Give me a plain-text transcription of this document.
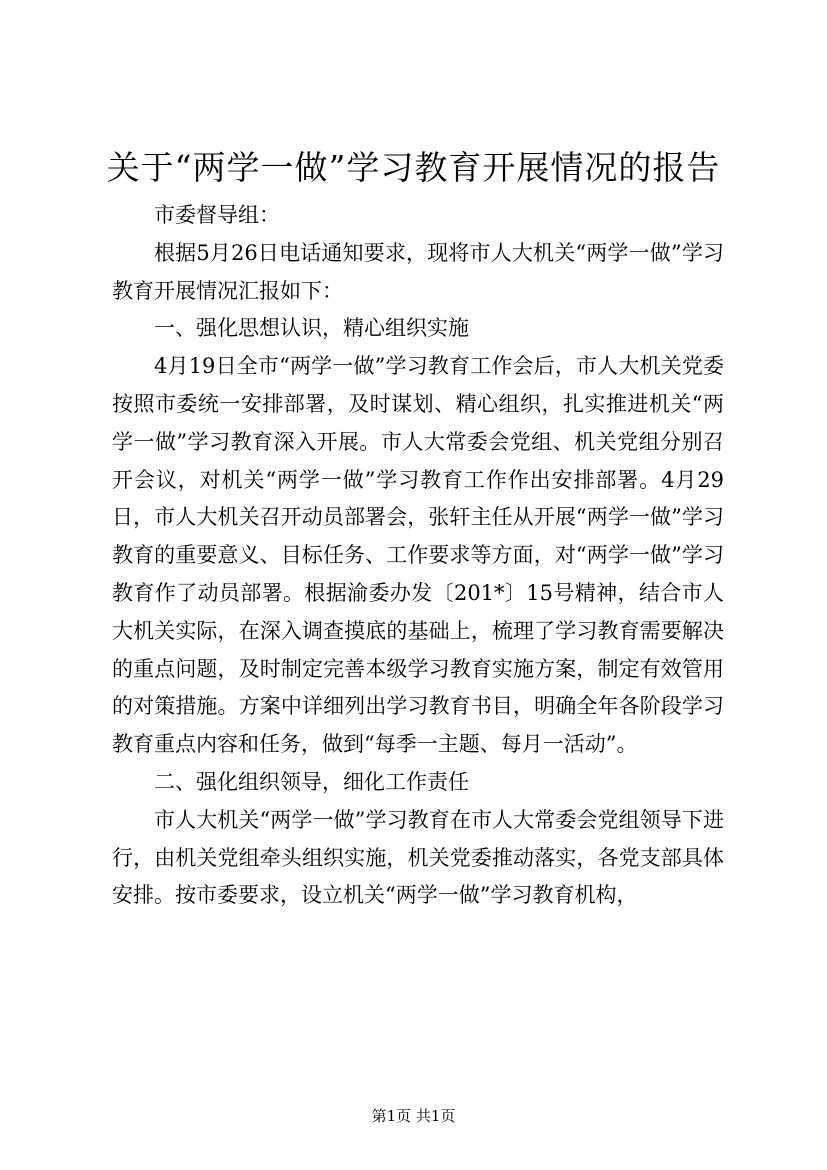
关于“两学一做”学习教育开展情况的报告

市委督导组：

根据5月26日电话通知要求，现将市人大机关“两学一做”学习教育开展情况汇报如下：

一、强化思想认识，精心组织实施

4月19日全市“两学一做”学习教育工作会后，市人大机关党委按照市委统一安排部署，及时谋划、精心组织，扎实推进机关“两学一做”学习教育深入开展。市人大常委会党组、机关党组分别召开会议，对机关“两学一做”学习教育工作作出安排部署。4月29日，市人大机关召开动员部署会，张轩主任从开展“两学一做”学习教育的重要意义、目标任务、工作要求等方面，对“两学一做”学习教育作了动员部署。根据渝委办发〔201*〕15号精神，结合市人大机关实际，在深入调查摸底的基础上，梳理了学习教育需要解决的重点问题，及时制定完善本级学习教育实施方案，制定有效管用的对策措施。方案中详细列出学习教育书目，明确全年各阶段学习教育重点内容和任务，做到“每季一主题、每月一活动”。

二、强化组织领导，细化工作责任

市人大机关“两学一做”学习教育在市人大常委会党组领导下进行，由机关党组牵头组织实施，机关党委推动落实，各党支部具体安排。按市委要求，设立机关“两学一做”学习教育机构，

第1页 共1页
